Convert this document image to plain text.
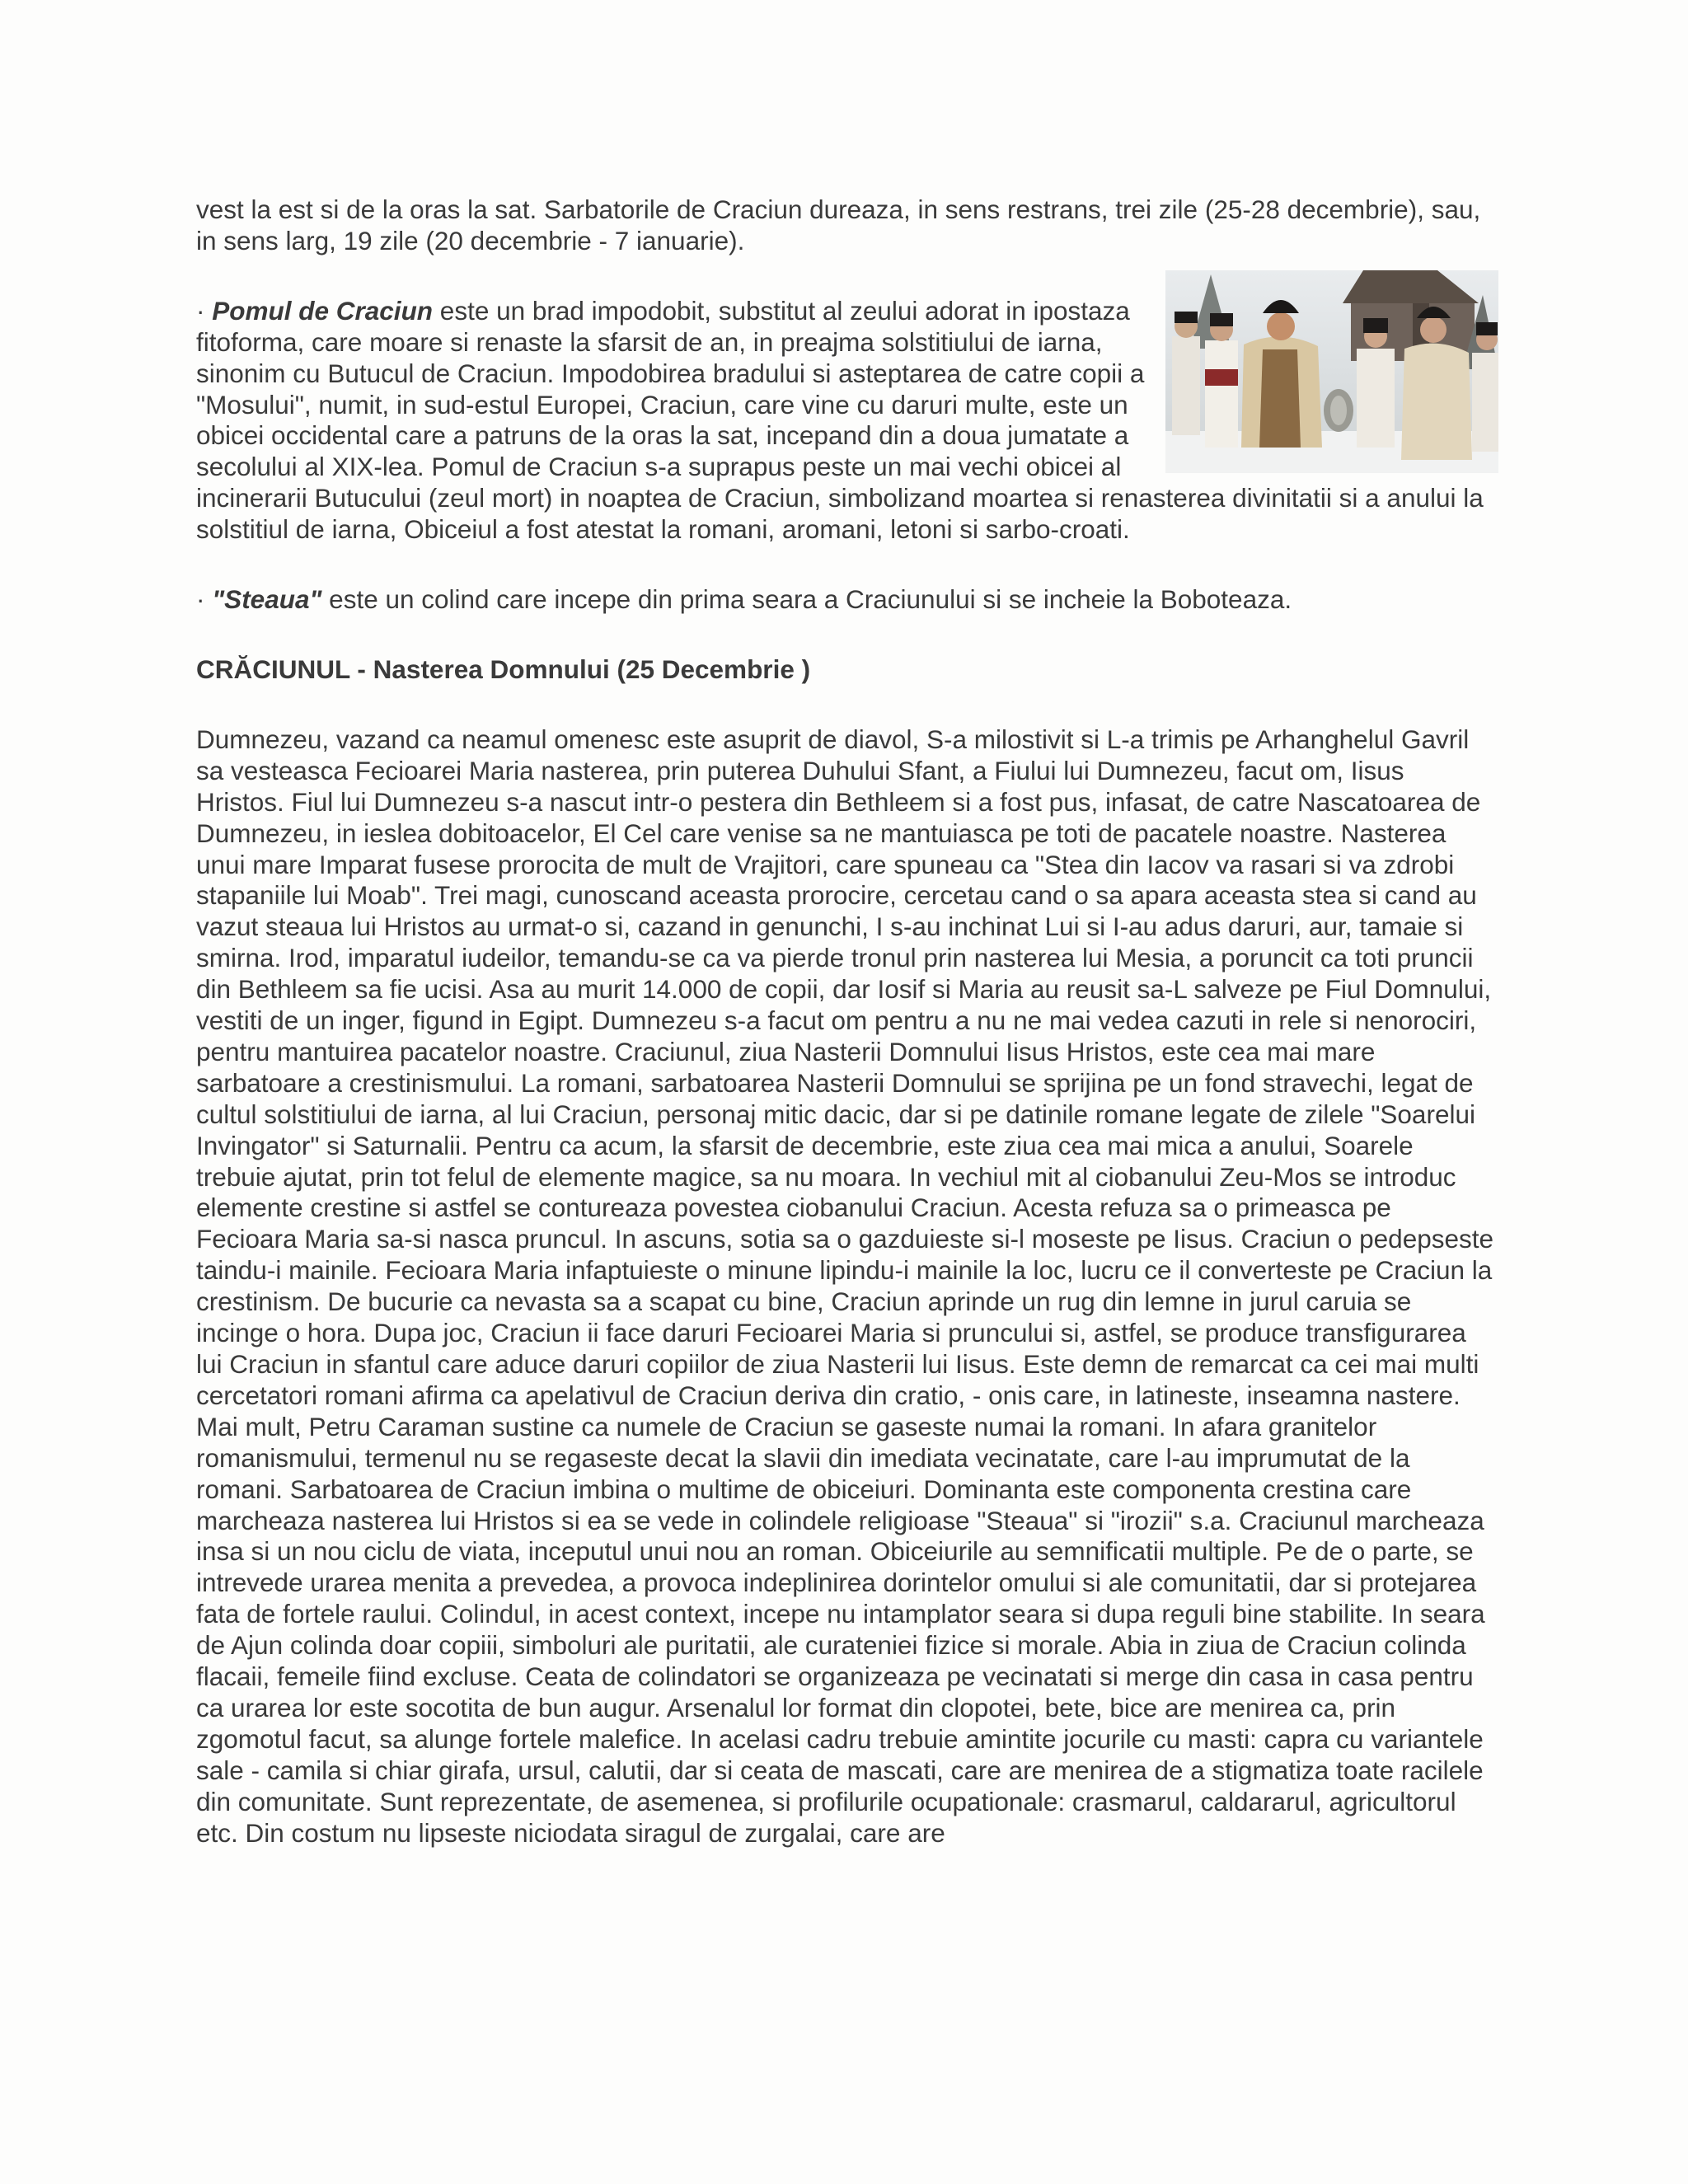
vest la est si de la oras la sat. Sarbatorile de Craciun dureaza, in sens restrans, trei zile (25-28 decembrie), sau, in sens larg, 19 zile (20 decembrie - 7 ianuarie).

· Pomul de Craciun este un brad impodobit, substitut al zeului adorat in ipostaza fitoforma, care moare si renaste la sfarsit de an, in preajma solstitiului de iarna, sinonim cu Butucul de Craciun. Impodobirea bradului si asteptarea de catre copii a "Mosului", numit, in sud-estul Europei, Craciun, care vine cu daruri multe, este un obicei occidental care a patruns de la oras la sat, incepand din a doua jumatate a secolului al XIX-lea. Pomul de Craciun s-a suprapus peste un mai vechi obicei al incinerarii Butucului (zeul mort) in noaptea de Craciun, simbolizand moartea si renasterea divinitatii si a anului la solstitiul de iarna, Obiceiul a fost atestat la romani, aromani, letoni si sarbo-croati.

· "Steaua" este un colind care incepe din prima seara a Craciunului si se incheie la Boboteaza.

CRĂCIUNUL - Nasterea Domnului (25 Decembrie )

Dumnezeu, vazand ca neamul omenesc este asuprit de diavol, S-a milostivit si L-a trimis pe Arhanghelul Gavril sa vesteasca Fecioarei Maria nasterea, prin puterea Duhului Sfant, a Fiului lui Dumnezeu, facut om, Iisus Hristos. Fiul lui Dumnezeu s-a nascut intr-o pestera din Bethleem si a fost pus, infasat, de catre Nascatoarea de Dumnezeu, in ieslea dobitoacelor, El Cel care venise sa ne mantuiasca pe toti de pacatele noastre. Nasterea unui mare Imparat fusese prorocita de mult de Vrajitori, care spuneau ca "Stea din Iacov va rasari si va zdrobi stapaniile lui Moab". Trei magi, cunoscand aceasta prorocire, cercetau cand o sa apara aceasta stea si cand au vazut steaua lui Hristos au urmat-o si, cazand in genunchi, I s-au inchinat Lui si I-au adus daruri, aur, tamaie si smirna. Irod, imparatul iudeilor, temandu-se ca va pierde tronul prin nasterea lui Mesia, a poruncit ca toti pruncii din Bethleem sa fie ucisi. Asa au murit 14.000 de copii, dar Iosif si Maria au reusit sa-L salveze pe Fiul Domnului, vestiti de un inger, figund in Egipt. Dumnezeu s-a facut om pentru a nu ne mai vedea cazuti in rele si nenorociri, pentru mantuirea pacatelor noastre. Craciunul, ziua Nasterii Domnului Iisus Hristos, este cea mai mare sarbatoare a crestinismului. La romani, sarbatoarea Nasterii Domnului se sprijina pe un fond stravechi, legat de cultul solstitiului de iarna, al lui Craciun, personaj mitic dacic, dar si pe datinile romane legate de zilele "Soarelui Invingator" si Saturnalii. Pentru ca acum, la sfarsit de decembrie, este ziua cea mai mica a anului, Soarele trebuie ajutat, prin tot felul de elemente magice, sa nu moara. In vechiul mit al ciobanului Zeu-Mos se introduc elemente crestine si astfel se contureaza povestea ciobanului Craciun. Acesta refuza sa o primeasca pe Fecioara Maria sa-si nasca pruncul. In ascuns, sotia sa o gazduieste si-l moseste pe Iisus. Craciun o pedepseste taindu-i mainile. Fecioara Maria infaptuieste o minune lipindu-i mainile la loc, lucru ce il converteste pe Craciun la crestinism. De bucurie ca nevasta sa a scapat cu bine, Craciun aprinde un rug din lemne in jurul caruia se incinge o hora. Dupa joc, Craciun ii face daruri Fecioarei Maria si pruncului si, astfel, se produce transfigurarea lui Craciun in sfantul care aduce daruri copiilor de ziua Nasterii lui Iisus. Este demn de remarcat ca cei mai multi cercetatori romani afirma ca apelativul de Craciun deriva din cratio, - onis care, in latineste, inseamna nastere. Mai mult, Petru Caraman sustine ca numele de Craciun se gaseste numai la romani. In afara granitelor romanismului, termenul nu se regaseste decat la slavii din imediata vecinatate, care l-au imprumutat de la romani. Sarbatoarea de Craciun imbina o multime de obiceiuri. Dominanta este componenta crestina care marcheaza nasterea lui Hristos si ea se vede in colindele religioase "Steaua" si "irozii" s.a. Craciunul marcheaza insa si un nou ciclu de viata, inceputul unui nou an roman. Obiceiurile au semnificatii multiple. Pe de o parte, se intrevede urarea menita a prevedea, a provoca indeplinirea dorintelor omului si ale comunitatii, dar si protejarea fata de fortele raului. Colindul, in acest context, incepe nu intamplator seara si dupa reguli bine stabilite. In seara de Ajun colinda doar copiii, simboluri ale puritatii, ale curateniei fizice si morale. Abia in ziua de Craciun colinda flacaii, femeile fiind excluse. Ceata de colindatori se organizeaza pe vecinatati si merge din casa in casa pentru ca urarea lor este socotita de bun augur. Arsenalul lor format din clopotei, bete, bice are menirea ca, prin zgomotul facut, sa alunge fortele malefice. In acelasi cadru trebuie amintite jocurile cu masti: capra cu variantele sale - camila si chiar girafa, ursul, calutii, dar si ceata de mascati, care are menirea de a stigmatiza toate racilele din comunitate. Sunt reprezentate, de asemenea, si profilurile ocupationale: crasmarul, caldararul, agricultorul etc. Din costum nu lipseste niciodata siragul de zurgalai, care are
